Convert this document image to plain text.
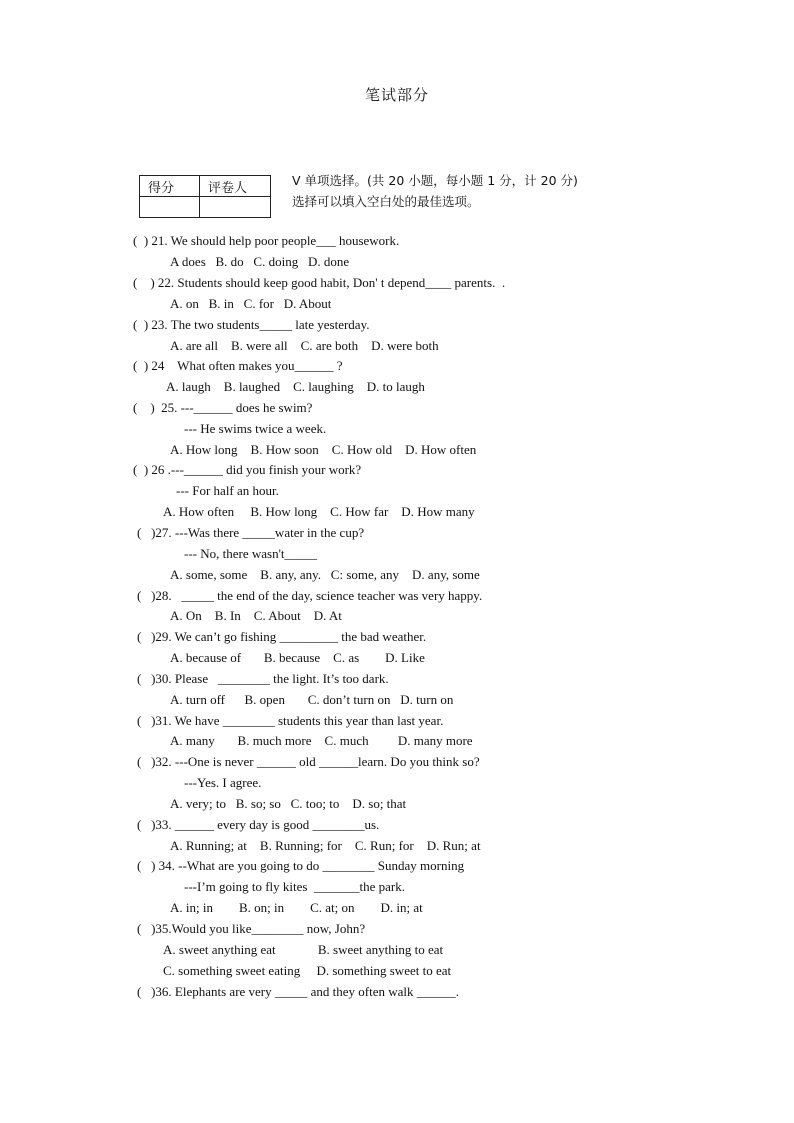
笔试部分
得分	评卷人
		V 单项选择。(共 20 小题，每小题 1 分，计 20 分)
选择可以填入空白处的最佳选项。
(  ) 21. We should help poor people___ housework.
A does   B. do   C. doing   D. done
(    ) 22. Students should keep good habit, Don' t depend____ parents.  .
A. on   B. in   C. for   D. About
(  ) 23. The two students_____ late yesterday.
A. are all    B. were all    C. are both    D. were both
(  ) 24    What often makes you______ ?
A. laugh    B. laughed    C. laughing    D. to laugh
(    )  25. ---______ does he swim?
--- He swims twice a week.
A. How long    B. How soon    C. How old    D. How often
(  ) 26 .---______ did you finish your work?
--- For half an hour.
A. How often     B. How long    C. How far    D. How many
(   )27. ---Was there _____water in the cup?
--- No, there wasn't_____
A. some, some    B. any, any.   C: some, any    D. any, some
(   )28.   _____ the end of the day, science teacher was very happy.
A. On    B. In    C. About    D. At
(   )29. We can’t go fishing _________ the bad weather.
A. because of       B. because    C. as        D. Like
(   )30. Please   ________ the light. It’s too dark.
A. turn off      B. open       C. don’t turn on   D. turn on
(   )31. We have ________ students this year than last year.
A. many       B. much more    C. much         D. many more
(   )32. ---One is never ______ old ______learn. Do you think so?
---Yes. I agree.
A. very; to   B. so; so   C. too; to    D. so; that
(   )33. ______ every day is good ________us.
A. Running; at    B. Running; for    C. Run; for    D. Run; at
(   ) 34. --What are you going to do ________ Sunday morning
---I’m going to fly kites  _______the park.
A. in; in        B. on; in        C. at; on        D. in; at
(   )35.Would you like________ now, John?
A. sweet anything eat             B. sweet anything to eat
C. something sweet eating     D. something sweet to eat
(   )36. Elephants are very _____ and they often walk ______.
